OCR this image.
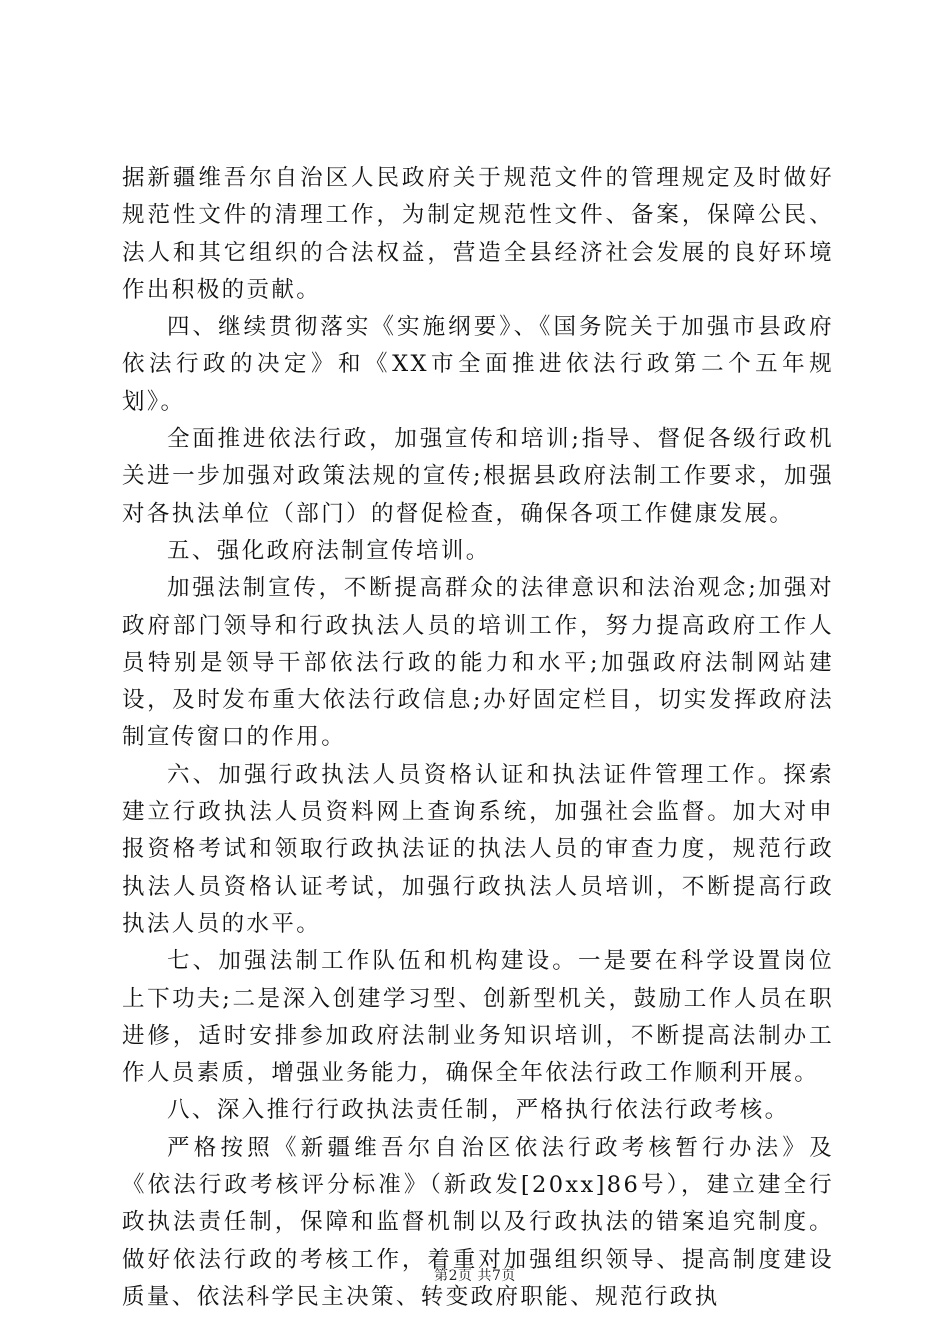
据新疆维吾尔自治区人民政府关于规范文件的管理规定及时做好规范性文件的清理工作，为制定规范性文件、备案，保障公民、法人和其它组织的合法权益，营造全县经济社会发展的良好环境作出积极的贡献。

四、继续贯彻落实《实施纲要》、《国务院关于加强市县政府依法行政的决定》和《XX市全面推进依法行政第二个五年规划》。

全面推进依法行政，加强宣传和培训;指导、督促各级行政机关进一步加强对政策法规的宣传;根据县政府法制工作要求，加强对各执法单位（部门）的督促检查，确保各项工作健康发展。

五、强化政府法制宣传培训。

加强法制宣传，不断提高群众的法律意识和法治观念;加强对政府部门领导和行政执法人员的培训工作，努力提高政府工作人员特别是领导干部依法行政的能力和水平;加强政府法制网站建设，及时发布重大依法行政信息;办好固定栏目，切实发挥政府法制宣传窗口的作用。

六、加强行政执法人员资格认证和执法证件管理工作。探索建立行政执法人员资料网上查询系统，加强社会监督。加大对申报资格考试和领取行政执法证的执法人员的审查力度，规范行政执法人员资格认证考试，加强行政执法人员培训，不断提高行政执法人员的水平。

七、加强法制工作队伍和机构建设。一是要在科学设置岗位上下功夫;二是深入创建学习型、创新型机关，鼓励工作人员在职进修，适时安排参加政府法制业务知识培训，不断提高法制办工作人员素质，增强业务能力，确保全年依法行政工作顺利开展。

八、深入推行行政执法责任制，严格执行依法行政考核。

严格按照《新疆维吾尔自治区依法行政考核暂行办法》及《依法行政考核评分标准》（新政发[20xx]86号），建立建全行政执法责任制，保障和监督机制以及行政执法的错案追究制度。做好依法行政的考核工作，着重对加强组织领导、提高制度建设质量、依法科学民主决策、转变政府职能、规范行政执

第2页 共7页
